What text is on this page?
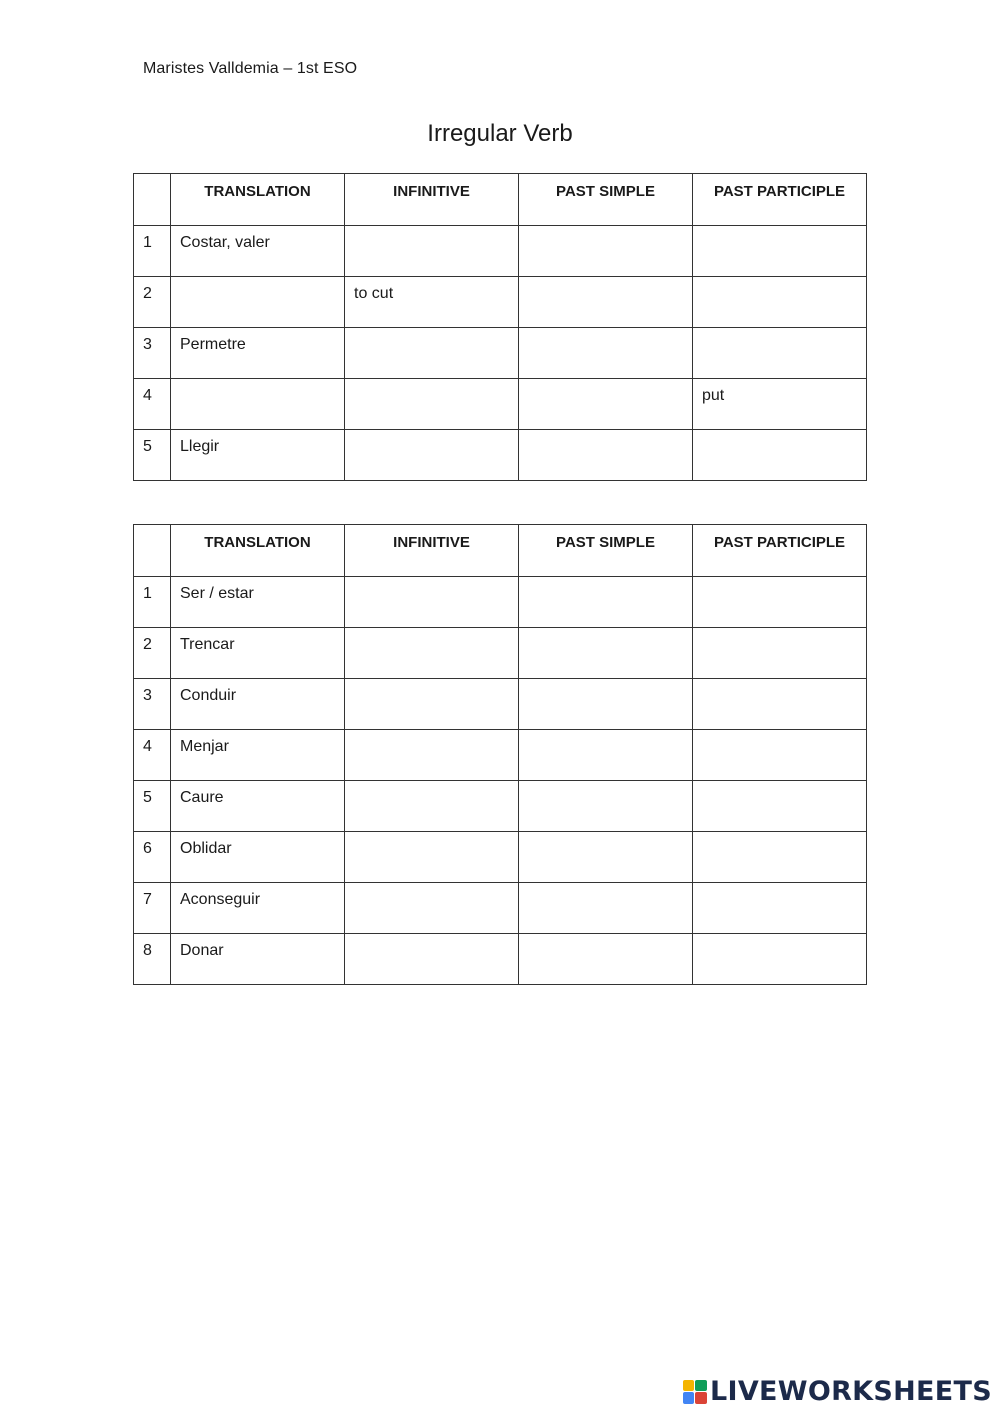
Maristes Valldemia – 1st ESO
Irregular Verb
	TRANSLATION	INFINITIVE	PAST SIMPLE	PAST PARTICIPLE
1	Costar, valer			
2		to cut		
3	Permetre			
4				put
5	Llegir			
	TRANSLATION	INFINITIVE	PAST SIMPLE	PAST PARTICIPLE
1	Ser / estar			
2	Trencar			
3	Conduir			
4	Menjar			
5	Caure			
6	Oblidar			
7	Aconseguir			
8	Donar			
LIVEWORKSHEETS
